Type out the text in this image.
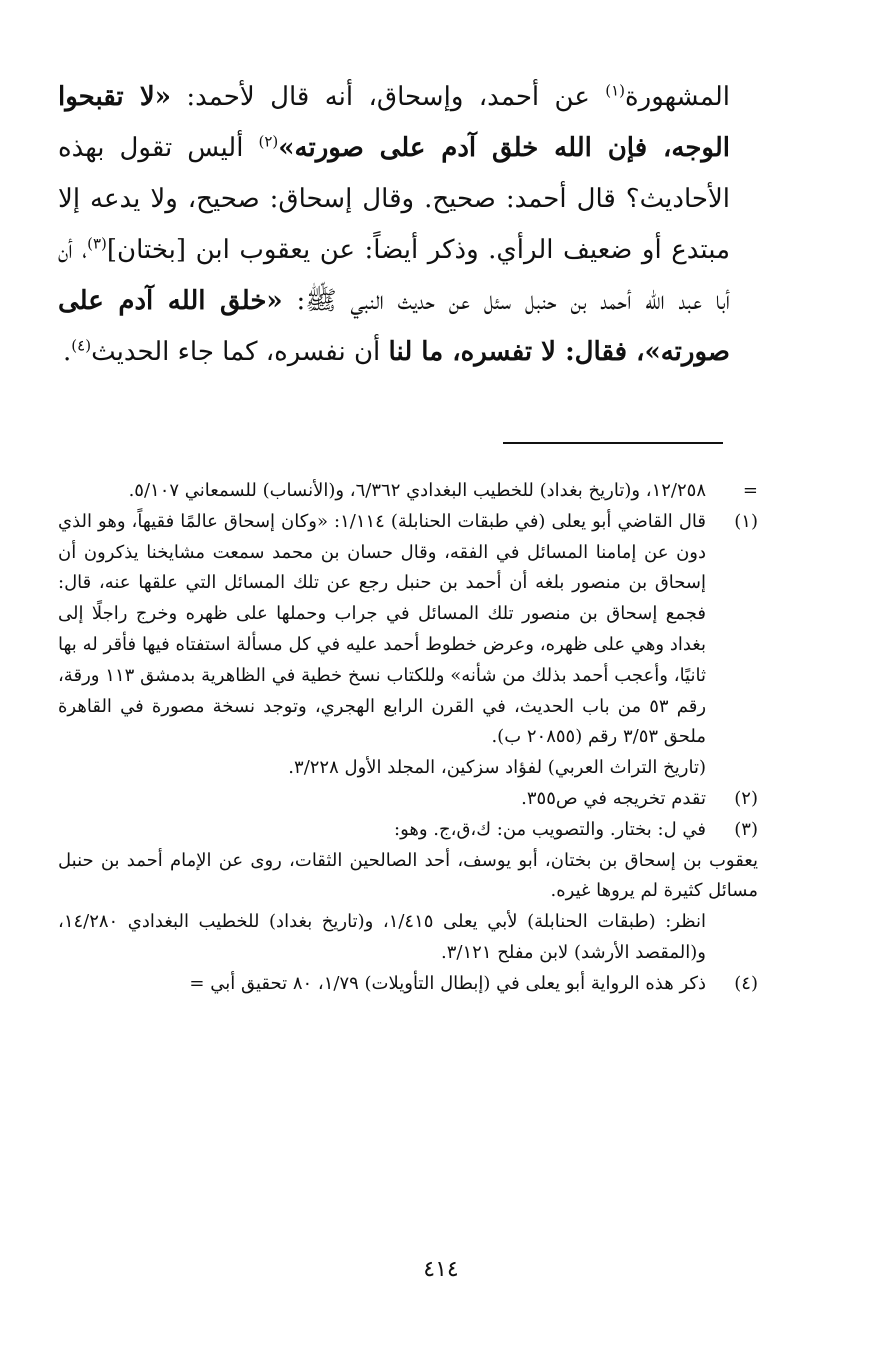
المشهورة$^{(١)}$ عن أحمد، وإسحاق، أنه قال لأحمد: «لا تقبحوا الوجه، فإن الله خلق آدم على صورته»$^{(٢)}$ أليس تقول بهذه الأحاديث؟ قال أحمد: صحيح. وقال إسحاق: صحيح، ولا يدعه إلا مبتدع أو ضعيف الرأي. وذكر أيضاً: عن يعقوب ابن [بختان]$^{(٣)}$، أن أبا عبد الله أحمد بن حنبل سئل عن حديث النبي ﷺ: «خلق الله آدم على صورته»، فقال: لا تفسره، ما لنا أن نفسره، كما جاء الحديث$^{(٤)}$.

=

١٢/٢٥٨، و(تاريخ بغداد) للخطيب البغدادي ٦/٣٦٢، و(الأنساب) للسمعاني ٥/١٠٧.

(١)

قال القاضي أبو يعلى (في طبقات الحنابلة) ١/١١٤: «وكان إسحاق عالمًا فقيهاً، وهو الذي دون عن إمامنا المسائل في الفقه، وقال حسان بن محمد سمعت مشايخنا يذكرون أن إسحاق بن منصور بلغه أن أحمد بن حنبل رجع عن تلك المسائل التي علقها عنه، قال: فجمع إسحاق بن منصور تلك المسائل في جراب وحملها على ظهره وخرج راجلًا إلى بغداد وهي على ظهره، وعرض خطوط أحمد عليه في كل مسألة استفتاه فيها فأقر له بها ثانيًا، وأعجب أحمد بذلك من شأنه» وللكتاب نسخ خطية في الظاهرية بدمشق ١١٣ ورقة، رقم ٥٣ من باب الحديث، في القرن الرابع الهجري، وتوجد نسخة مصورة في القاهرة ملحق ٣/٥٣ رقم (٢٠٨٥٥ ب).

(تاريخ التراث العربي) لفؤاد سزكين، المجلد الأول ٣/٢٢٨.

(٢)

تقدم تخريجه في ص٣٥٥.

(٣)

في ل: بختار. والتصويب من: ك،ق،ج. وهو:

يعقوب بن إسحاق بن بختان، أبو يوسف، أحد الصالحين الثقات، روى عن الإمام أحمد بن حنبل مسائل كثيرة لم يروها غيره.

انظر: (طبقات الحنابلة) لأبي يعلى ١/٤١٥، و(تاريخ بغداد) للخطيب البغدادي ١٤/٢٨٠، و(المقصد الأرشد) لابن مفلح ٣/١٢١.

(٤)

ذكر هذه الرواية أبو يعلى في (إبطال التأويلات) ١/٧٩، ٨٠ تحقيق أبي =

٤١٤
